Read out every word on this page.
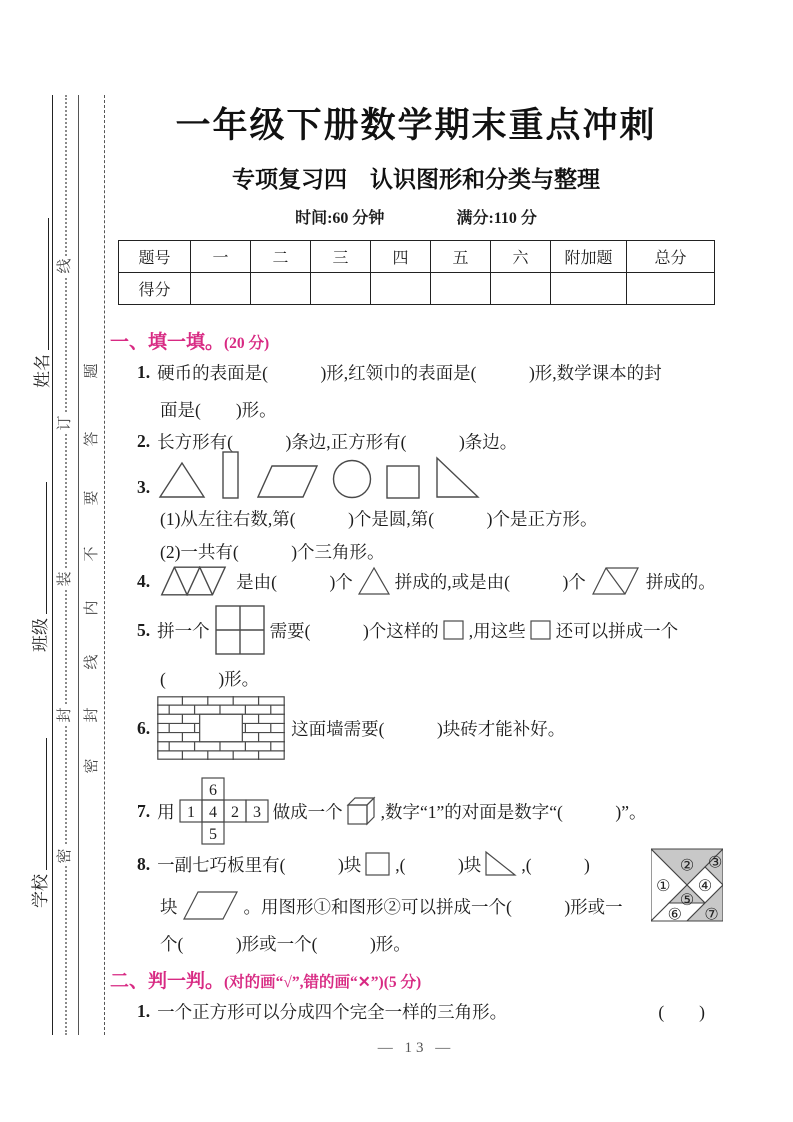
姓名
班级
学校
线
订
装
封
密
题
答
要
不
内
线
封
密
一年级下册数学期末重点冲刺
专项复习四　认识图形和分类与整理
时间:60 分钟	满分:110 分
题号	一	二	三	四	五	六	附加题	总分
得分								
一、填一填。(20 分)
1. 硬币的表面是(　　　)形,红领巾的表面是(　　　)形,数学课本的封
面是(　　)形。
2. 长方形有(　　　)条边,正方形有(　　　)条边。
3.
(1)从左往右数,第(　　　)个是圆,第(　　　)个是正方形。
(2)一共有(　　　)个三角形。
4.	是由(　　　)个 拼成的,或是由(　　　)个	拼成的。
5. 拼一个	需要(　　　)个这样的 ,用这些 还可以拼成一个
(　　　)形。
6.	这面墙需要(　　　)块砖才能补好。
7. 用
6
1 4 2 3
5
做成一个 ,数字“1”的对面是数字“(　　　)”。
8. 一副七巧板里有(　　　)块 ,(　　　)块 ,(　　　)
块	。用图形①和图形②可以拼成一个(　　　)形或一
个(　　　)形或一个(　　　)形。
①
② ③
④
⑤
⑥ ⑦
二、判一判。(对的画“√”,错的画“✕”)(5 分)
1. 一个正方形可以分成四个完全一样的三角形。	(　　)
— 13 —
